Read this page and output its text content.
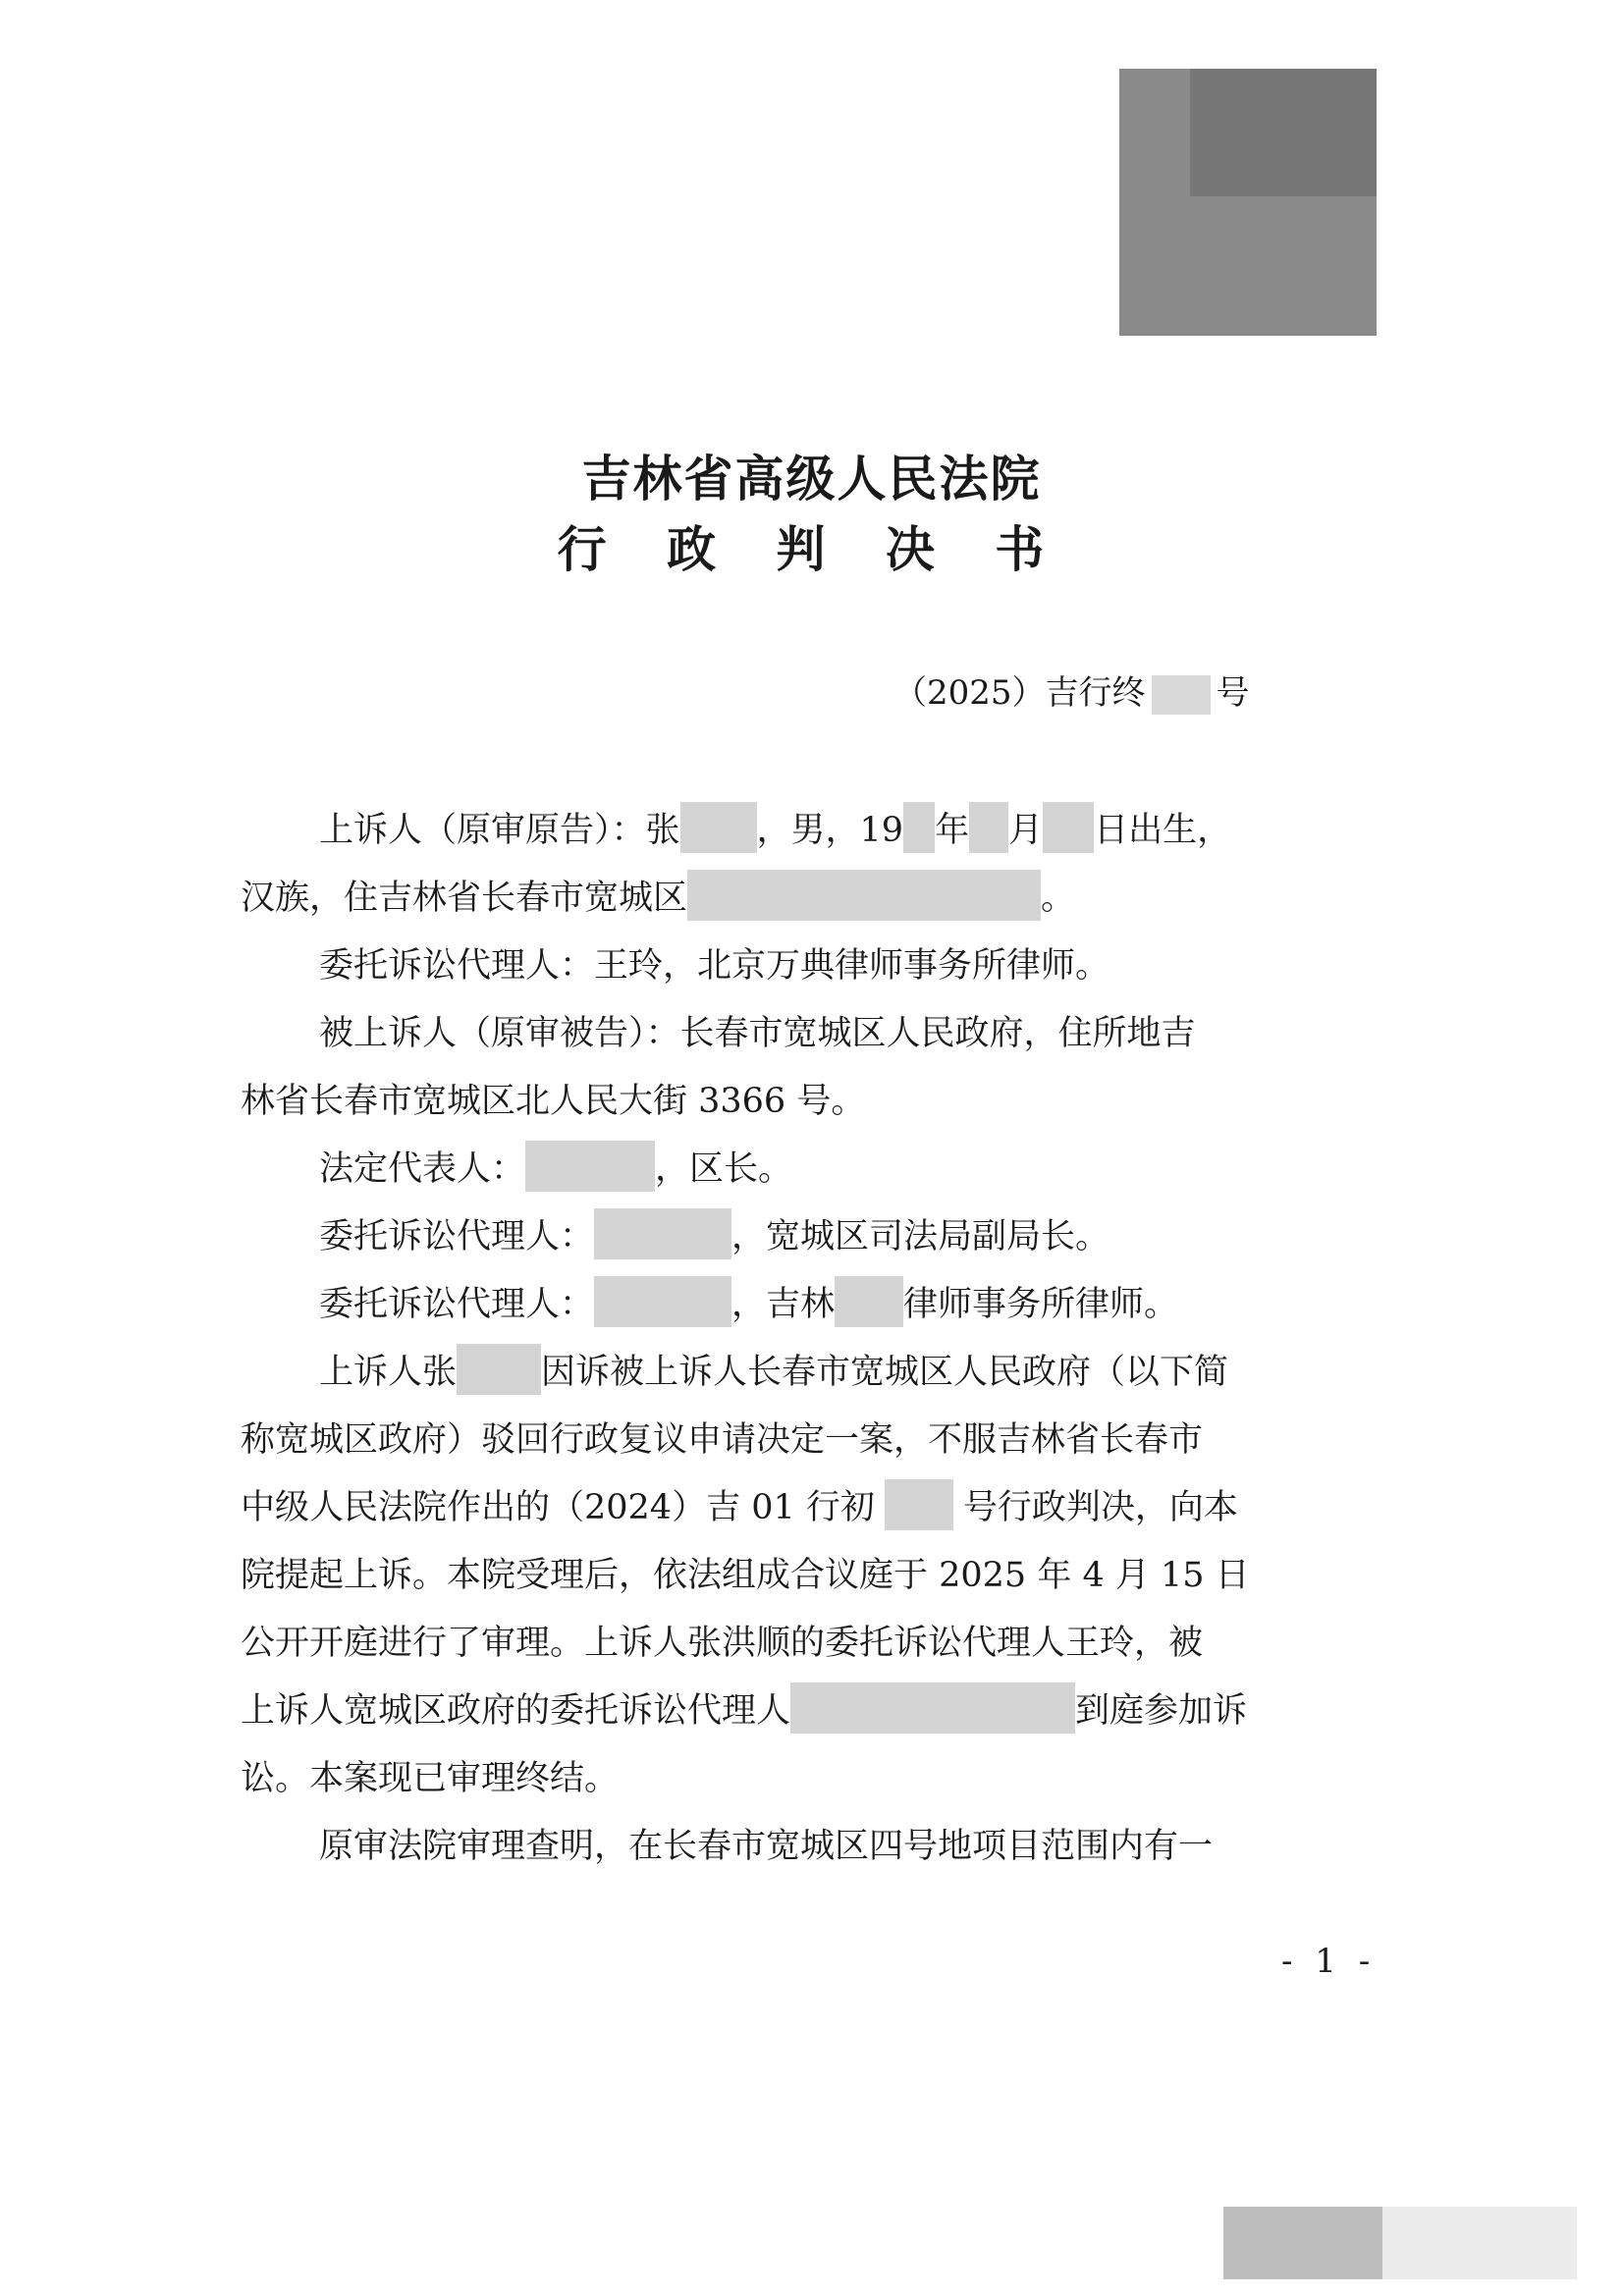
吉林省高级人民法院
行 政 判 决 书
（2025）吉行终 号
上诉人（原审原告）：张 ，男，19 年 月 日出生，
汉族，住吉林省长春市宽城区	。
委托诉讼代理人：王玲，北京万典律师事务所律师。
被上诉人（原审被告）：长春市宽城区人民政府，住所地吉
林省长春市宽城区北人民大街 3366 号。
法定代表人：	，区长。
委托诉讼代理人：	，宽城区司法局副局长。
委托诉讼代理人：	，吉林 律师事务所律师。
上诉人张 因诉被上诉人长春市宽城区人民政府（以下简
称宽城区政府）驳回行政复议申请决定一案，不服吉林省长春市
中级人民法院作出的（2024）吉 01 行初	号行政判决，向本
院提起上诉。本院受理后，依法组成合议庭于 2025 年 4 月 15 日
公开开庭进行了审理。上诉人张洪顺的委托诉讼代理人王玲，被
上诉人宽城区政府的委托诉讼代理人	到庭参加诉
讼。本案现已审理终结。
原审法院审理查明，在长春市宽城区四号地项目范围内有一
- 1 -
